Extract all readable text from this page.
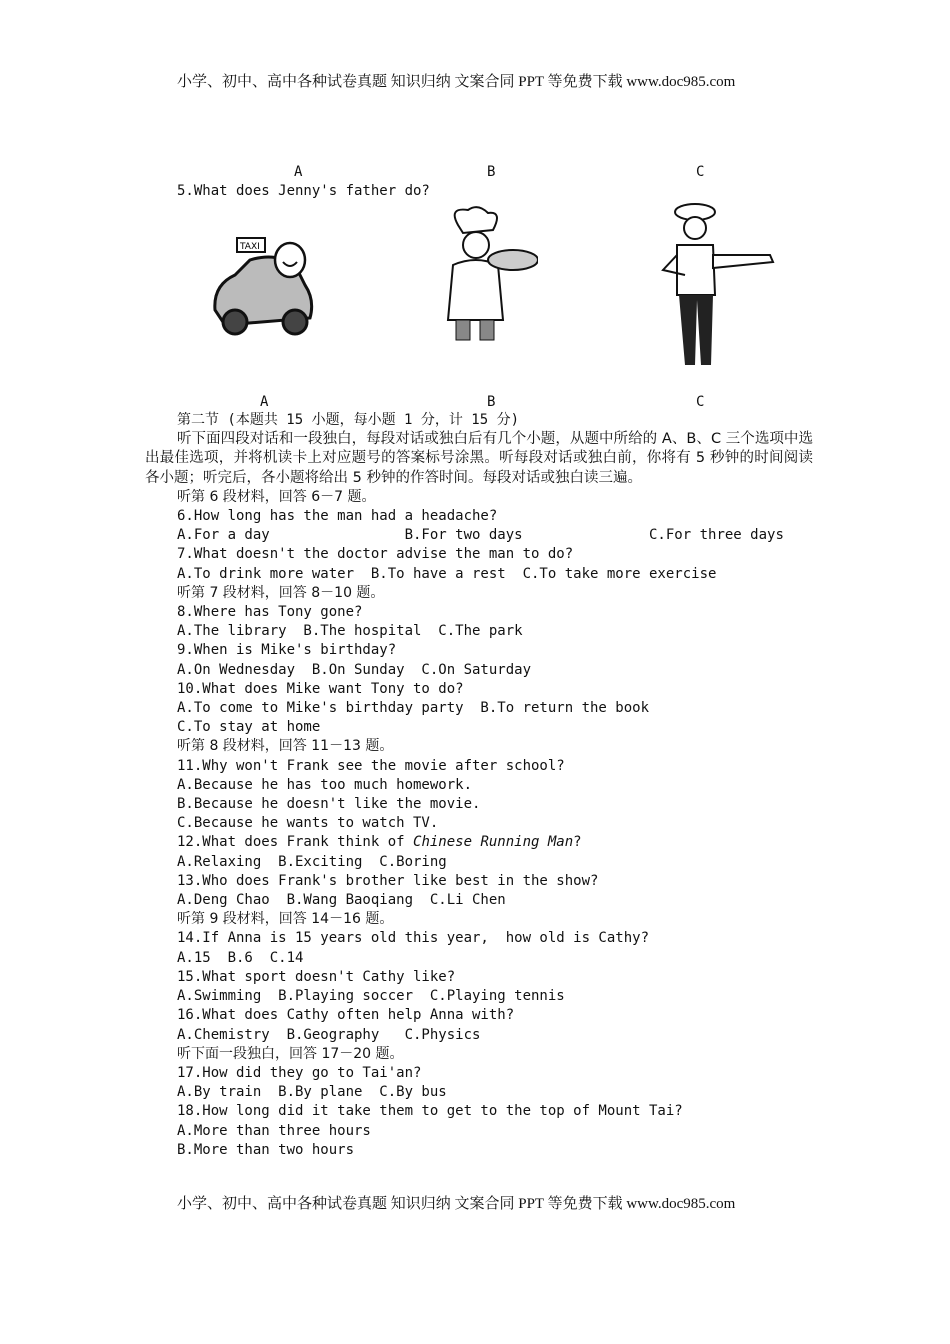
小学、初中、高中各种试卷真题 知识归纳 文案合同 PPT 等免费下载 www.doc985.com
A	B	C
5.What does Jenny's father do?
TAXI
A	B	C
第二节 (本题共 15 小题，每小题 1 分，计 15 分)
听下面四段对话和一段独白，每段对话或独白后有几个小题，从题中所给的 A、B、C 三个选项中选出最佳选项，并将机读卡上对应题号的答案标号涂黑。听每段对话或独白前，你将有 5 秒钟的时间阅读各小题；听完后，各小题将给出 5 秒钟的作答时间。每段对话或独白读三遍。
听第 6 段材料，回答 6－7 题。
6.How long has the man had a headache?
A.For a day                B.For two days               C.For three days
7.What doesn't the doctor advise the man to do?
A.To drink more water  B.To have a rest  C.To take more exercise
听第 7 段材料，回答 8－10 题。
8.Where has Tony gone?
A.The library  B.The hospital  C.The park
9.When is Mike's birthday?
A.On Wednesday  B.On Sunday  C.On Saturday
10.What does Mike want Tony to do?
A.To come to Mike's birthday party  B.To return the book
C.To stay at home
听第 8 段材料，回答 11－13 题。
11.Why won't Frank see the movie after school?
A.Because he has too much homework.
B.Because he doesn't like the movie.
C.Because he wants to watch TV.
12.What does Frank think of Chinese Running Man?
A.Relaxing  B.Exciting  C.Boring
13.Who does Frank's brother like best in the show?
A.Deng Chao  B.Wang Baoqiang  C.Li Chen
听第 9 段材料，回答 14－16 题。
14.If Anna is 15 years old this year,  how old is Cathy?
A.15  B.6  C.14
15.What sport doesn't Cathy like?
A.Swimming  B.Playing soccer  C.Playing tennis
16.What does Cathy often help Anna with?
A.Chemistry  B.Geography   C.Physics
听下面一段独白，回答 17－20 题。
17.How did they go to Tai'an?
A.By train  B.By plane  C.By bus
18.How long did it take them to get to the top of Mount Tai?
A.More than three hours
B.More than two hours
小学、初中、高中各种试卷真题 知识归纳 文案合同 PPT 等免费下载 www.doc985.com
